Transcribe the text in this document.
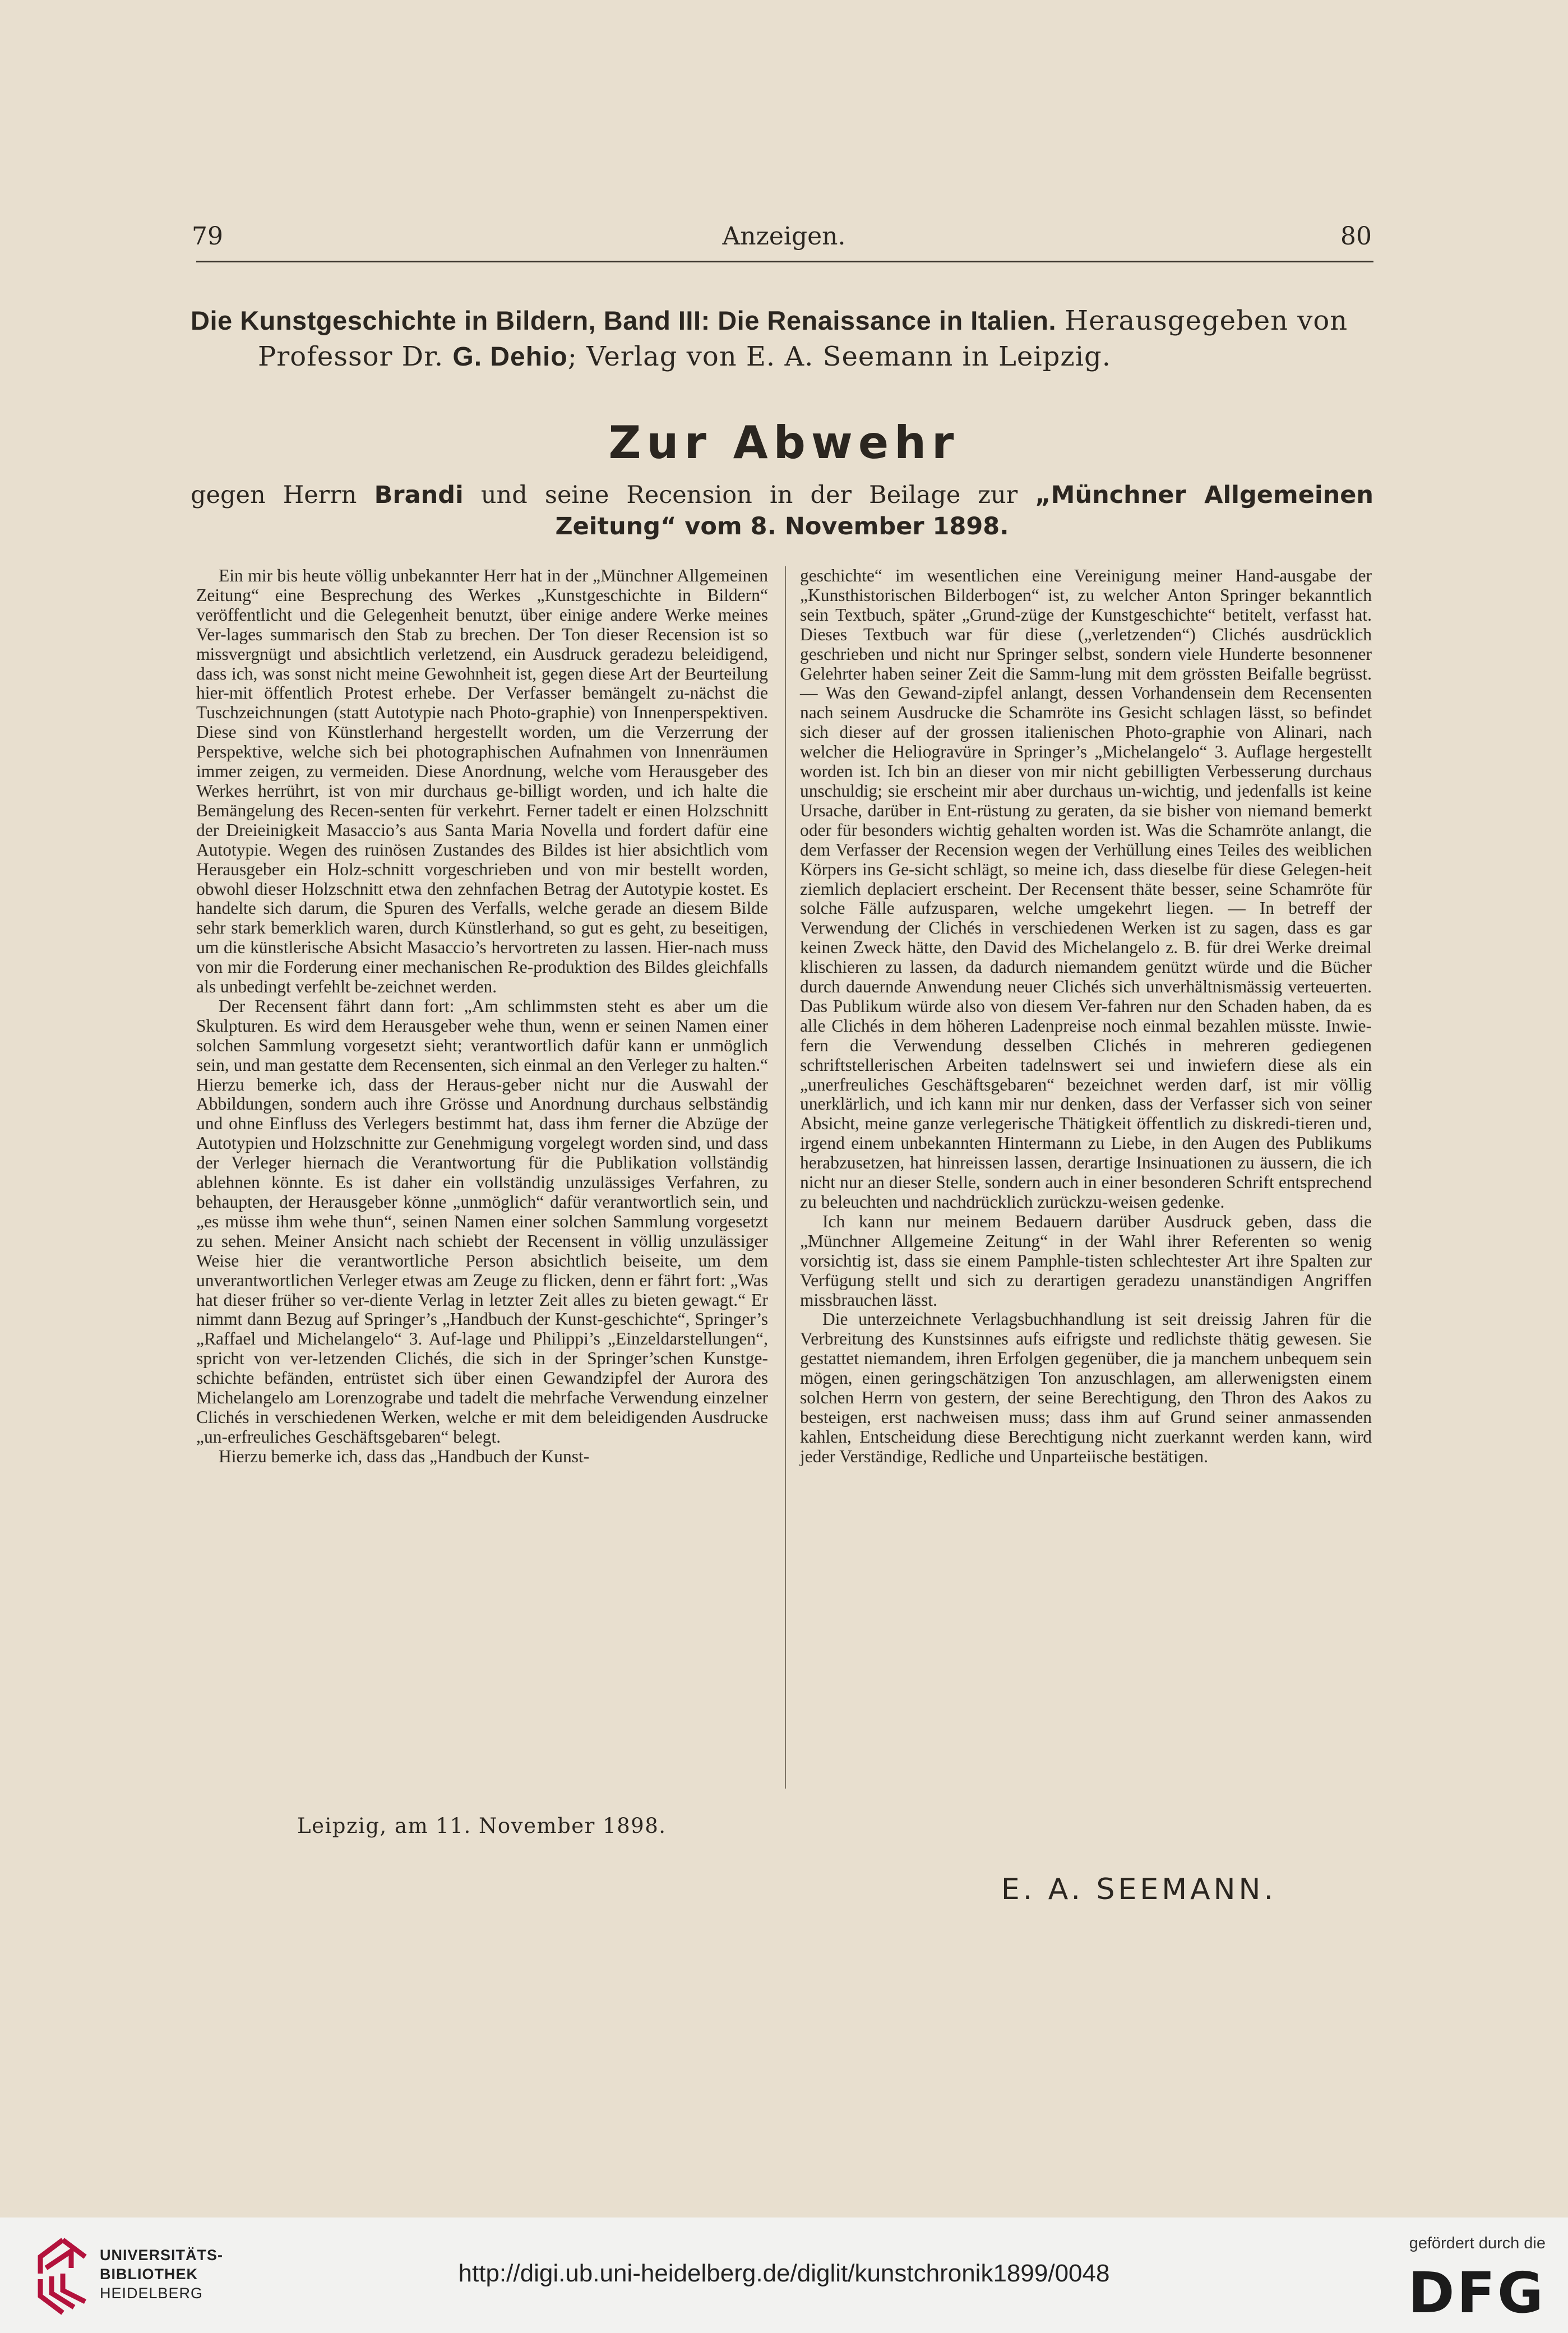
79	Anzeigen.	80
Die Kunstgeschichte in Bildern, Band III: Die Renaissance in Italien. Herausgegeben von
Professor Dr. G. Dehio; Verlag von E. A. Seemann in Leipzig.
Zur Abwehr
gegen Herrn Brandi und seine Recension in der Beilage zur „Münchner Allgemeinen Zeitung“ vom 8. November 1898.

Ein mir bis heute völlig unbekannter Herr hat in der „Münchner Allgemeinen Zeitung“ eine Besprechung des Werkes „Kunstgeschichte in Bildern“ veröffentlicht und die Gelegenheit benutzt, über einige andere Werke meines Ver-lages summarisch den Stab zu brechen. Der Ton dieser Recension ist so missvergnügt und absichtlich verletzend, ein Ausdruck geradezu beleidigend, dass ich, was sonst nicht meine Gewohnheit ist, gegen diese Art der Beurteilung hier-mit öffentlich Protest erhebe. Der Verfasser bemängelt zu-nächst die Tuschzeichnungen (statt Autotypie nach Photo-graphie) von Innenperspektiven. Diese sind von Künstlerhand hergestellt worden, um die Verzerrung der Perspektive, welche sich bei photographischen Aufnahmen von Innenräumen immer zeigen, zu vermeiden. Diese Anordnung, welche vom Herausgeber des Werkes herrührt, ist von mir durchaus ge-billigt worden, und ich halte die Bemängelung des Recen-senten für verkehrt. Ferner tadelt er einen Holzschnitt der Dreieinigkeit Masaccio’s aus Santa Maria Novella und fordert dafür eine Autotypie. Wegen des ruinösen Zustandes des Bildes ist hier absichtlich vom Herausgeber ein Holz-schnitt vorgeschrieben und von mir bestellt worden, obwohl dieser Holzschnitt etwa den zehnfachen Betrag der Autotypie kostet. Es handelte sich darum, die Spuren des Verfalls, welche gerade an diesem Bilde sehr stark bemerklich waren, durch Künstlerhand, so gut es geht, zu beseitigen, um die künstlerische Absicht Masaccio’s hervortreten zu lassen. Hier-nach muss von mir die Forderung einer mechanischen Re-produktion des Bildes gleichfalls als unbedingt verfehlt be-zeichnet werden.

Der Recensent fährt dann fort: „Am schlimmsten steht es aber um die Skulpturen. Es wird dem Herausgeber wehe thun, wenn er seinen Namen einer solchen Sammlung vorgesetzt sieht; verantwortlich dafür kann er unmöglich sein, und man gestatte dem Recensenten, sich einmal an den Verleger zu halten.“ Hierzu bemerke ich, dass der Heraus-geber nicht nur die Auswahl der Abbildungen, sondern auch ihre Grösse und Anordnung durchaus selbständig und ohne Einfluss des Verlegers bestimmt hat, dass ihm ferner die Abzüge der Autotypien und Holzschnitte zur Genehmigung vorgelegt worden sind, und dass der Verleger hiernach die Verantwortung für die Publikation vollständig ablehnen könnte. Es ist daher ein vollständig unzulässiges Verfahren, zu behaupten, der Herausgeber könne „unmöglich“ dafür verantwortlich sein, und „es müsse ihm wehe thun“, seinen Namen einer solchen Sammlung vorgesetzt zu sehen. Meiner Ansicht nach schiebt der Recensent in völlig unzulässiger Weise hier die verantwortliche Person absichtlich beiseite, um dem unverantwortlichen Verleger etwas am Zeuge zu flicken, denn er fährt fort: „Was hat dieser früher so ver-diente Verlag in letzter Zeit alles zu bieten gewagt.“ Er nimmt dann Bezug auf Springer’s „Handbuch der Kunst-geschichte“, Springer’s „Raffael und Michelangelo“ 3. Auf-lage und Philippi’s „Einzeldarstellungen“, spricht von ver-letzenden Clichés, die sich in der Springer’schen Kunstge-schichte befänden, entrüstet sich über einen Gewandzipfel der Aurora des Michelangelo am Lorenzograbe und tadelt die mehrfache Verwendung einzelner Clichés in verschiedenen Werken, welche er mit dem beleidigenden Ausdrucke „un-erfreuliches Geschäftsgebaren“ belegt.

Hierzu bemerke ich, dass das „Handbuch der Kunst-

geschichte“ im wesentlichen eine Vereinigung meiner Hand-ausgabe der „Kunsthistorischen Bilderbogen“ ist, zu welcher Anton Springer bekanntlich sein Textbuch, später „Grund-züge der Kunstgeschichte“ betitelt, verfasst hat. Dieses Textbuch war für diese („verletzenden“) Clichés ausdrücklich geschrieben und nicht nur Springer selbst, sondern viele Hunderte besonnener Gelehrter haben seiner Zeit die Samm-lung mit dem grössten Beifalle begrüsst. — Was den Gewand-zipfel anlangt, dessen Vorhandensein dem Recensenten nach seinem Ausdrucke die Schamröte ins Gesicht schlagen lässt, so befindet sich dieser auf der grossen italienischen Photo-graphie von Alinari, nach welcher die Heliogravüre in Springer’s „Michelangelo“ 3. Auflage hergestellt worden ist. Ich bin an dieser von mir nicht gebilligten Verbesserung durchaus unschuldig; sie erscheint mir aber durchaus un-wichtig, und jedenfalls ist keine Ursache, darüber in Ent-rüstung zu geraten, da sie bisher von niemand bemerkt oder für besonders wichtig gehalten worden ist. Was die Schamröte anlangt, die dem Verfasser der Recension wegen der Verhüllung eines Teiles des weiblichen Körpers ins Ge-sicht schlägt, so meine ich, dass dieselbe für diese Gelegen-heit ziemlich deplaciert erscheint. Der Recensent thäte besser, seine Schamröte für solche Fälle aufzusparen, welche umgekehrt liegen. — In betreff der Verwendung der Clichés in verschiedenen Werken ist zu sagen, dass es gar keinen Zweck hätte, den David des Michelangelo z. B. für drei Werke dreimal klischieren zu lassen, da dadurch niemandem genützt würde und die Bücher durch dauernde Anwendung neuer Clichés sich unverhältnismässig verteuerten. Das Publikum würde also von diesem Ver-fahren nur den Schaden haben, da es alle Clichés in dem höheren Ladenpreise noch einmal bezahlen müsste. Inwie-fern die Verwendung desselben Clichés in mehreren gediegenen schriftstellerischen Arbeiten tadelnswert sei und inwiefern diese als ein „unerfreuliches Geschäftsgebaren“ bezeichnet werden darf, ist mir völlig unerklärlich, und ich kann mir nur denken, dass der Verfasser sich von seiner Absicht, meine ganze verlegerische Thätigkeit öffentlich zu diskredi-tieren und, irgend einem unbekannten Hintermann zu Liebe, in den Augen des Publikums herabzusetzen, hat hinreissen lassen, derartige Insinuationen zu äussern, die ich nicht nur an dieser Stelle, sondern auch in einer besonderen Schrift entsprechend zu beleuchten und nachdrücklich zurückzu-weisen gedenke.

Ich kann nur meinem Bedauern darüber Ausdruck geben, dass die „Münchner Allgemeine Zeitung“ in der Wahl ihrer Referenten so wenig vorsichtig ist, dass sie einem Pamphle-tisten schlechtester Art ihre Spalten zur Verfügung stellt und sich zu derartigen geradezu unanständigen Angriffen missbrauchen lässt.

Die unterzeichnete Verlagsbuchhandlung ist seit dreissig Jahren für die Verbreitung des Kunstsinnes aufs eifrigste und redlichste thätig gewesen. Sie gestattet niemandem, ihren Erfolgen gegenüber, die ja manchem unbequem sein mögen, einen geringschätzigen Ton anzuschlagen, am allerwenigsten einem solchen Herrn von gestern, der seine Berechtigung, den Thron des Aakos zu besteigen, erst nachweisen muss; dass ihm auf Grund seiner anmassenden kahlen, Entscheidung diese Berechtigung nicht zuerkannt werden kann, wird jeder Verständige, Redliche und Unparteiische bestätigen.

Leipzig, am 11. November 1898.
E. A. SEEMANN.
UNIVERSITÄTS-
BIBLIOTHEK
HEIDELBERG
http://digi.ub.uni-heidelberg.de/diglit/kunstchronik1899/0048
gefördert durch die
DFG
